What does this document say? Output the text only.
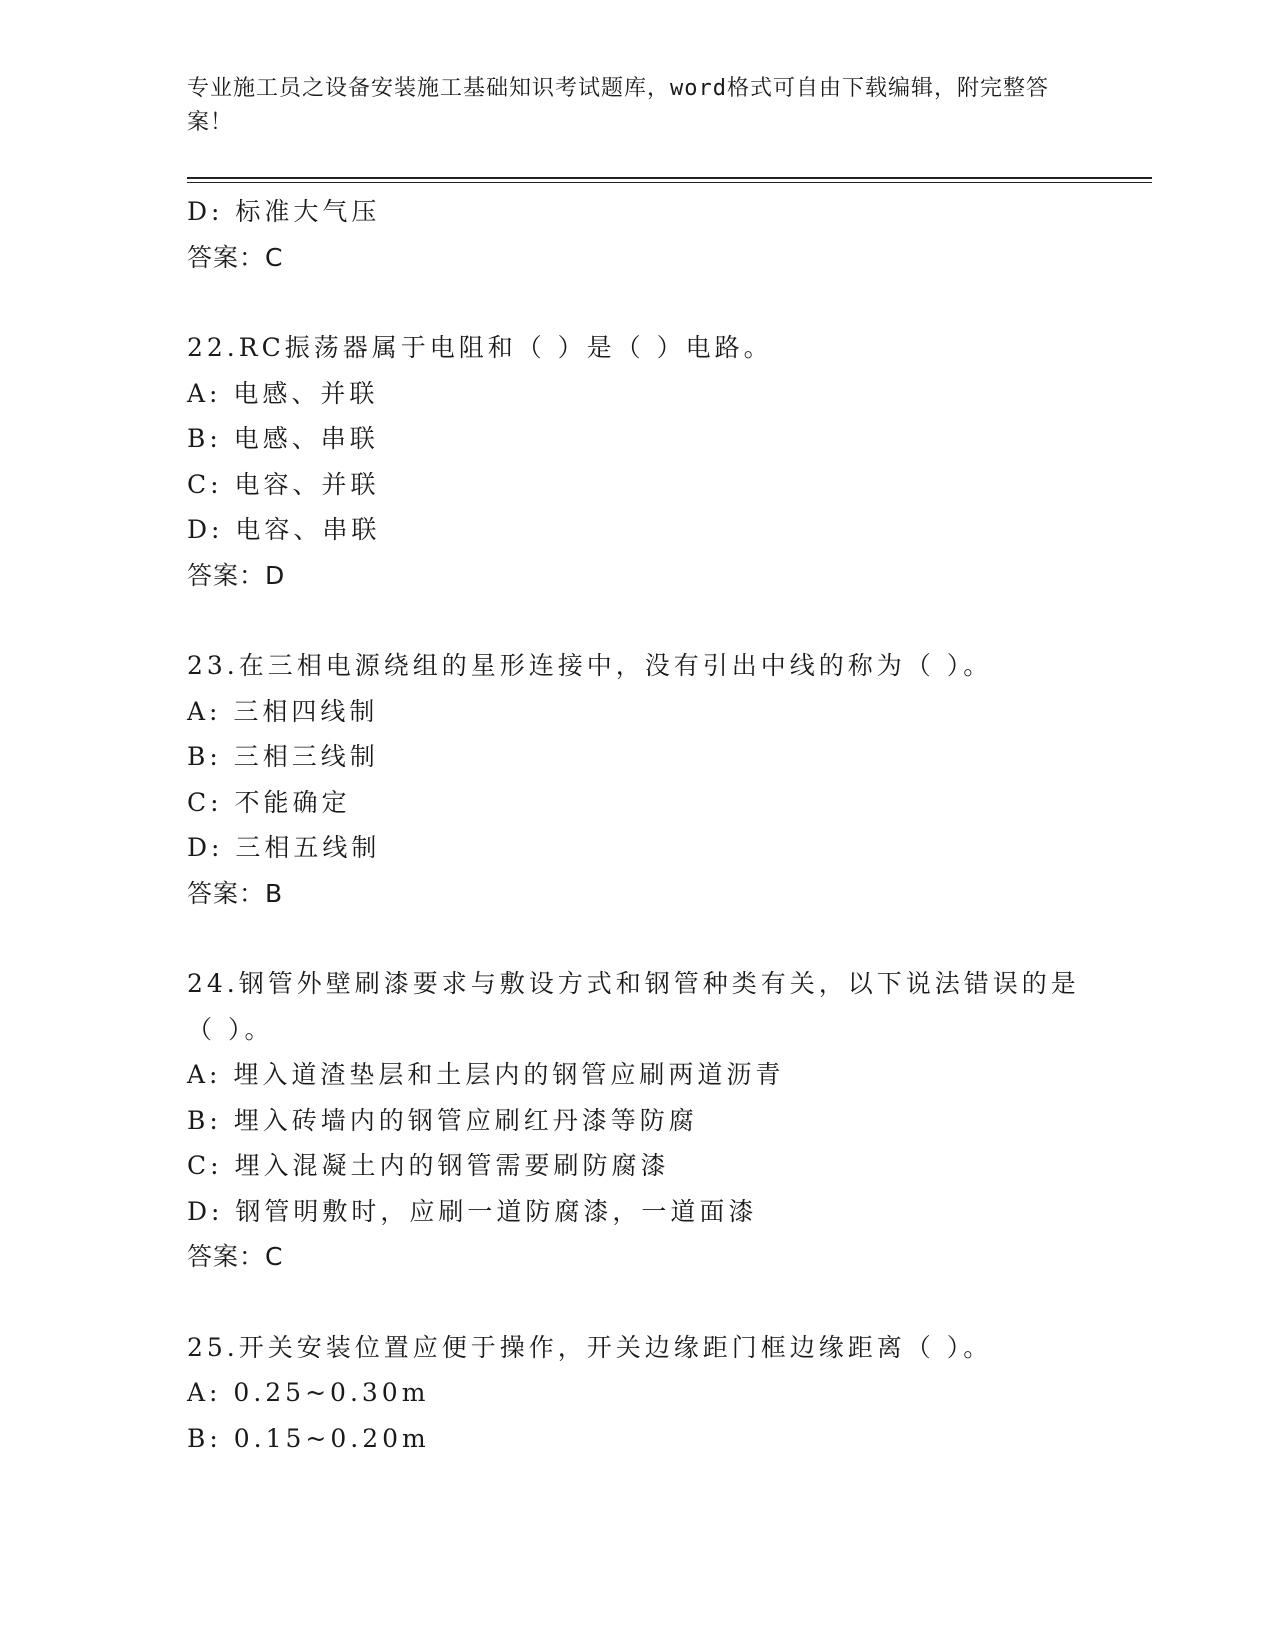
专业施工员之设备安装施工基础知识考试题库，word格式可自由下载编辑，附完整答案！
D: 标准大气压
答案：C
22.RC振荡器属于电阻和（ ）是（ ）电路。
A: 电感、并联
B: 电感、串联
C: 电容、并联
D: 电容、串联
答案：D
23.在三相电源绕组的星形连接中，没有引出中线的称为（ ）。
A: 三相四线制
B: 三相三线制
C: 不能确定
D: 三相五线制
答案：B
24.钢管外壁刷漆要求与敷设方式和钢管种类有关，以下说法错误的是（ ）。
A: 埋入道渣垫层和土层内的钢管应刷两道沥青
B: 埋入砖墙内的钢管应刷红丹漆等防腐
C: 埋入混凝土内的钢管需要刷防腐漆
D: 钢管明敷时，应刷一道防腐漆，一道面漆
答案：C
25.开关安装位置应便于操作，开关边缘距门框边缘距离（ ）。
A: 0.25~0.30m
B: 0.15~0.20m
